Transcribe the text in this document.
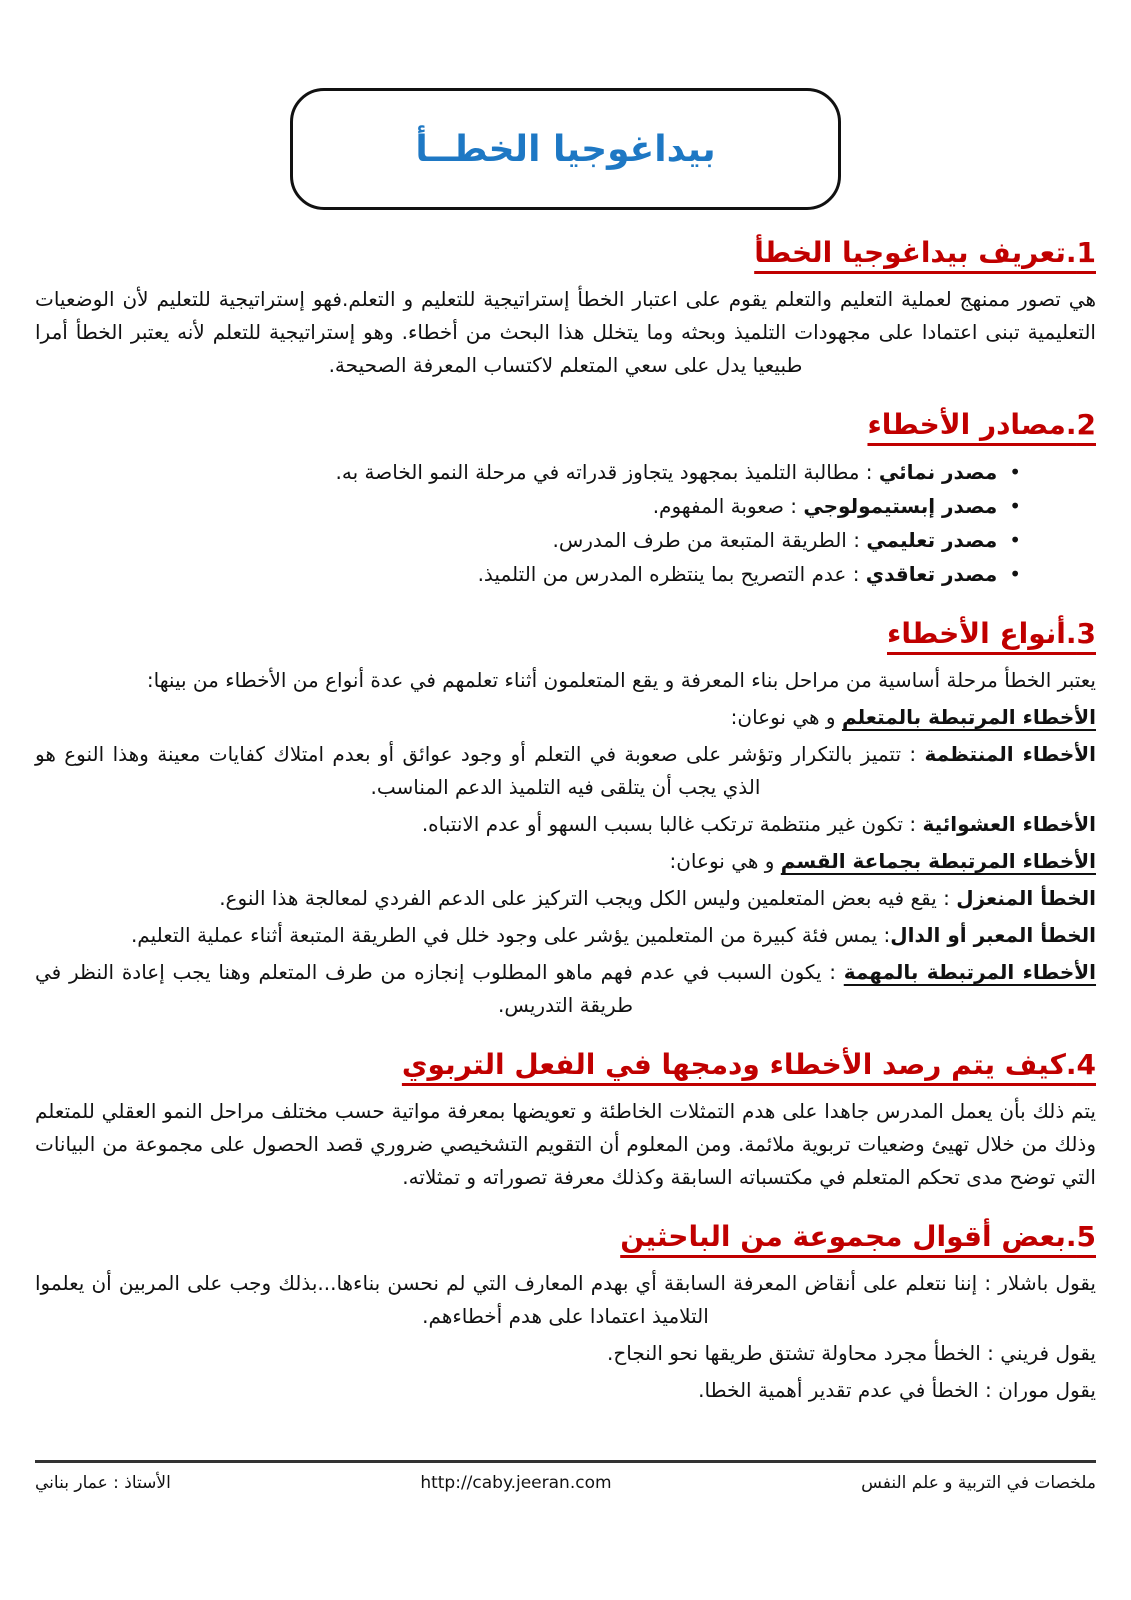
بيداغوجيا الخطــأ
1.تعريف بيداغوجيا الخطأ

هي تصور ممنهج لعملية التعليم والتعلم يقوم على اعتبار الخطأ إستراتيجية للتعليم و التعلم.فهو إستراتيجية للتعليم لأن الوضعيات التعليمية تبنى اعتمادا على مجهودات التلميذ وبحثه وما يتخلل هذا البحث من أخطاء. وهو إستراتيجية للتعلم لأنه يعتبر الخطأ أمرا طبيعيا يدل على سعي المتعلم لاكتساب المعرفة الصحيحة.

2.مصادر الأخطاء
•مصدر نمائي : مطالبة التلميذ بمجهود يتجاوز قدراته في مرحلة النمو الخاصة به.
•مصدر إبستيمولوجي : صعوبة المفهوم.
•مصدر تعليمي : الطريقة المتبعة من طرف المدرس.
•مصدر تعاقدي : عدم التصريح بما ينتظره المدرس من التلميذ.
3.أنواع الأخطاء

يعتبر الخطأ مرحلة أساسية من مراحل بناء المعرفة و يقع المتعلمون أثناء تعلمهم في عدة أنواع من الأخطاء من بينها:

الأخطاء المرتبطة بالمتعلم و هي نوعان:

الأخطاء المنتظمة : تتميز بالتكرار وتؤشر على صعوبة في التعلم أو وجود عوائق أو بعدم امتلاك كفايات معينة وهذا النوع هو الذي يجب أن يتلقى فيه التلميذ الدعم المناسب.

الأخطاء العشوائية : تكون غير منتظمة ترتكب غالبا بسبب السهو أو عدم الانتباه.

الأخطاء المرتبطة بجماعة القسم و هي نوعان:

الخطأ المنعزل : يقع فيه بعض المتعلمين وليس الكل ويجب التركيز على الدعم الفردي لمعالجة هذا النوع.

الخطأ المعبر أو الدال: يمس فئة كبيرة من المتعلمين يؤشر على وجود خلل في الطريقة المتبعة أثناء عملية التعليم.

الأخطاء المرتبطة بالمهمة : يكون السبب في عدم فهم ماهو المطلوب إنجازه من طرف المتعلم وهنا يجب إعادة النظر في طريقة التدريس.

4.كيف يتم رصد الأخطاء ودمجها في الفعل التربوي

يتم ذلك بأن يعمل المدرس جاهدا على هدم التمثلات الخاطئة و تعويضها بمعرفة مواتية حسب مختلف مراحل النمو العقلي للمتعلم وذلك من خلال تهيئ وضعيات تربوية ملائمة. ومن المعلوم أن التقويم التشخيصي ضروري قصد الحصول على مجموعة من البيانات التي توضح مدى تحكم المتعلم في مكتسباته السابقة وكذلك معرفة تصوراته و تمثلاته.

5.بعض أقوال مجموعة من الباحثين

يقول باشلار : إننا نتعلم على أنقاض المعرفة السابقة أي بهدم المعارف التي لم نحسن بناءها...بذلك وجب على المربين أن يعلموا التلاميذ اعتمادا على هدم أخطاءهم.

يقول فريني : الخطأ مجرد محاولة تشتق طريقها نحو النجاح.

يقول موران : الخطأ في عدم تقدير أهمية الخطا.

ملخصات في التربية و علم النفس
http://caby.jeeran.com
الأستاذ : عمار بناني
